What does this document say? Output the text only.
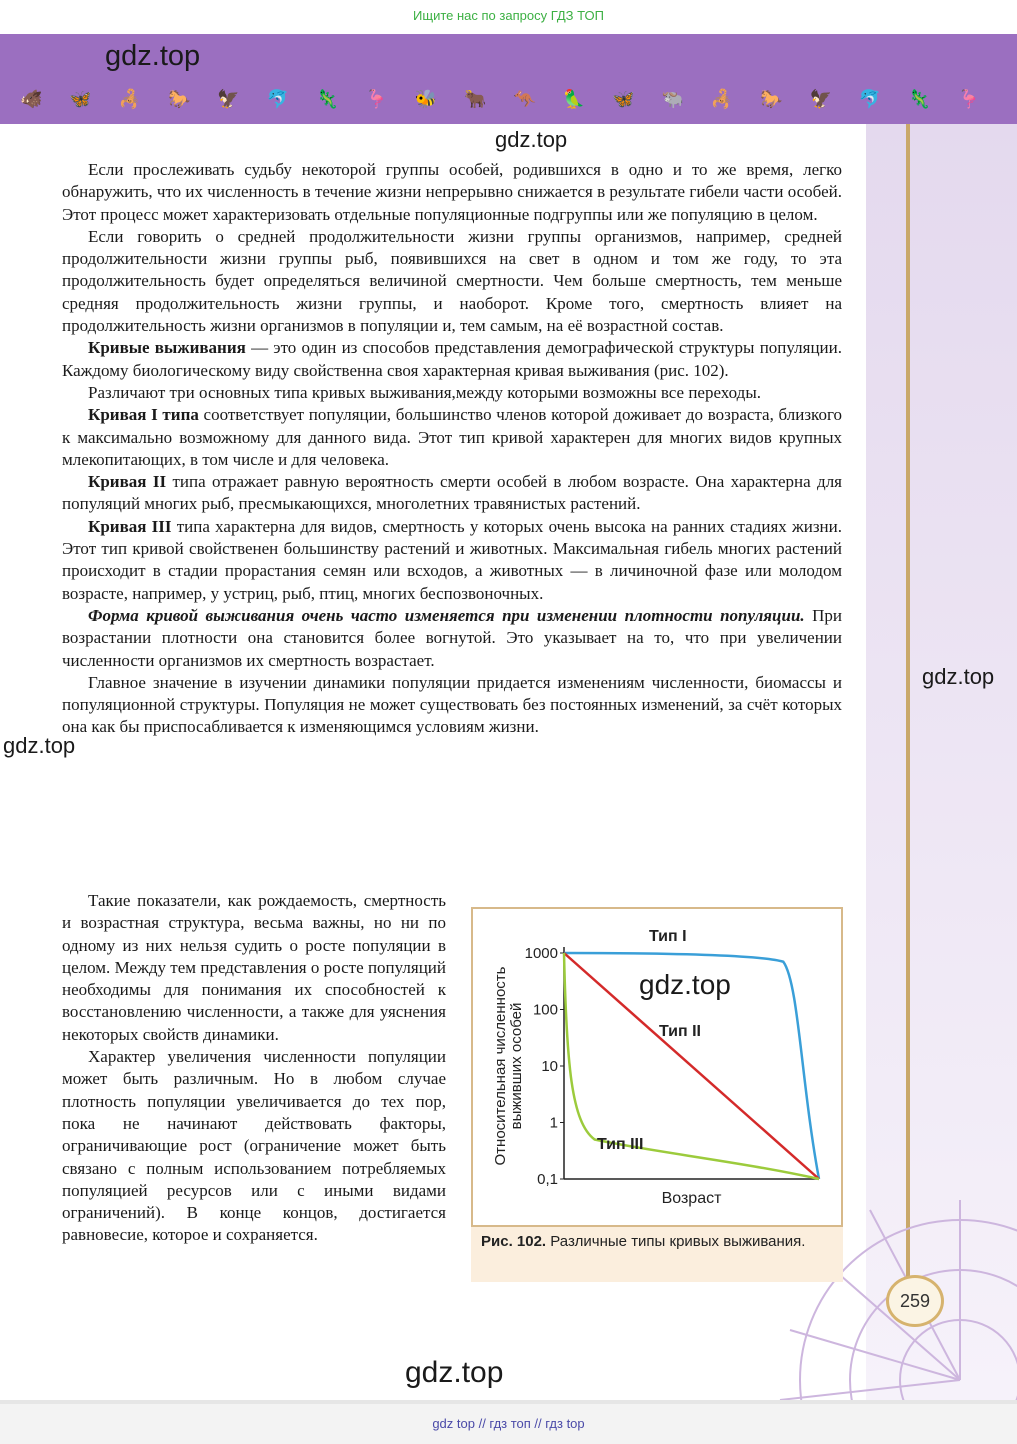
Ищите нас по запросу ГДЗ ТОП
gdz.top
🐗 🦋 🦂 🐎 🦅 🐬 🦎 🦩 🐝 🐂 🦘 🦜 🦋 🐃 🦂 🐎 🦅 🐬 🦎 🦩
gdz.top
gdz.top
gdz.top
gdz.top

Если прослеживать судьбу некоторой группы особей, родившихся в одно и то же время, легко обнаружить, что их численность в течение жизни непрерывно снижается в результате гибели части особей. Этот процесс может характеризовать отдельные популяционные подгруппы или же популяцию в целом.

Если говорить о средней продолжительности жизни группы организмов, например, средней продолжительности жизни группы рыб, появившихся на свет в одном и том же году, то эта продолжительность будет определяться величиной смертности. Чем больше смертность, тем меньше средняя продолжительность жизни группы, и наоборот. Кроме того, смертность влияет на продолжительность жизни организмов в популяции и, тем самым, на её возрастной состав.

Кривые выживания — это один из способов представления демографической структуры популяции. Каждому биологическому виду свойственна своя характерная кривая выживания (рис. 102).

Различают три основных типа кривых выживания,между которыми возможны все переходы.

Кривая I типа соответствует популяции, большинство членов которой доживает до возраста, близкого к максимально возможному для данного вида. Этот тип кривой характерен для многих видов крупных млекопитающих, в том числе и для человека.

Кривая II типа отражает равную вероятность смерти особей в любом возрасте. Она характерна для популяций многих рыб, пресмыкающихся, многолетних травянистых растений.

Кривая III типа характерна для видов, смертность у которых очень высока на ранних стадиях жизни. Этот тип кривой свойственен большинству растений и животных. Максимальная гибель многих растений происходит в стадии прорастания семян или всходов, а животных — в личиночной фазе или молодом возрасте, например, у устриц, рыб, птиц, многих беспозвоночных.

Форма кривой выживания очень часто изменяется при изменении плотности популяции. При возрастании плотности она становится более вогнутой. Это указывает на то, что при увеличении численности организмов их смертность возрастает.

Главное значение в изучении динамики популяции придается изменениям численности, биомассы и популяционной структуры. Популяция не может существовать без постоянных изменений, за счёт которых она как бы приспосабливается к изменяющимся условиям жизни.

Такие показатели, как рождаемость, смертность и возрастная структура, весьма важны, но ни по одному из них нельзя судить о росте популяции в целом. Между тем представления о росте популяций необходимы для понимания их способностей к восстановлению численности, а также для уяснения некоторых свойств динамики.

Характер увеличения численности популяции может быть различным. Но в любом случае плотность популяции увеличивается до тех пор, пока не начинают действовать факторы, ограничивающие рост (ограничение может быть связано с полным использованием потребляемых популяцией ресурсов или с иными видами ограничений). В конце концов, достигается равновесие, которое и сохраняется.

1000
100
10
1
0,1
Возраст
Относительная численность выживших особей
Тип I
Тип II
Тип III
gdz.top
Рис. 102. Различные типы кривых выживания.
259
gdz top // гдз топ // гдз top
